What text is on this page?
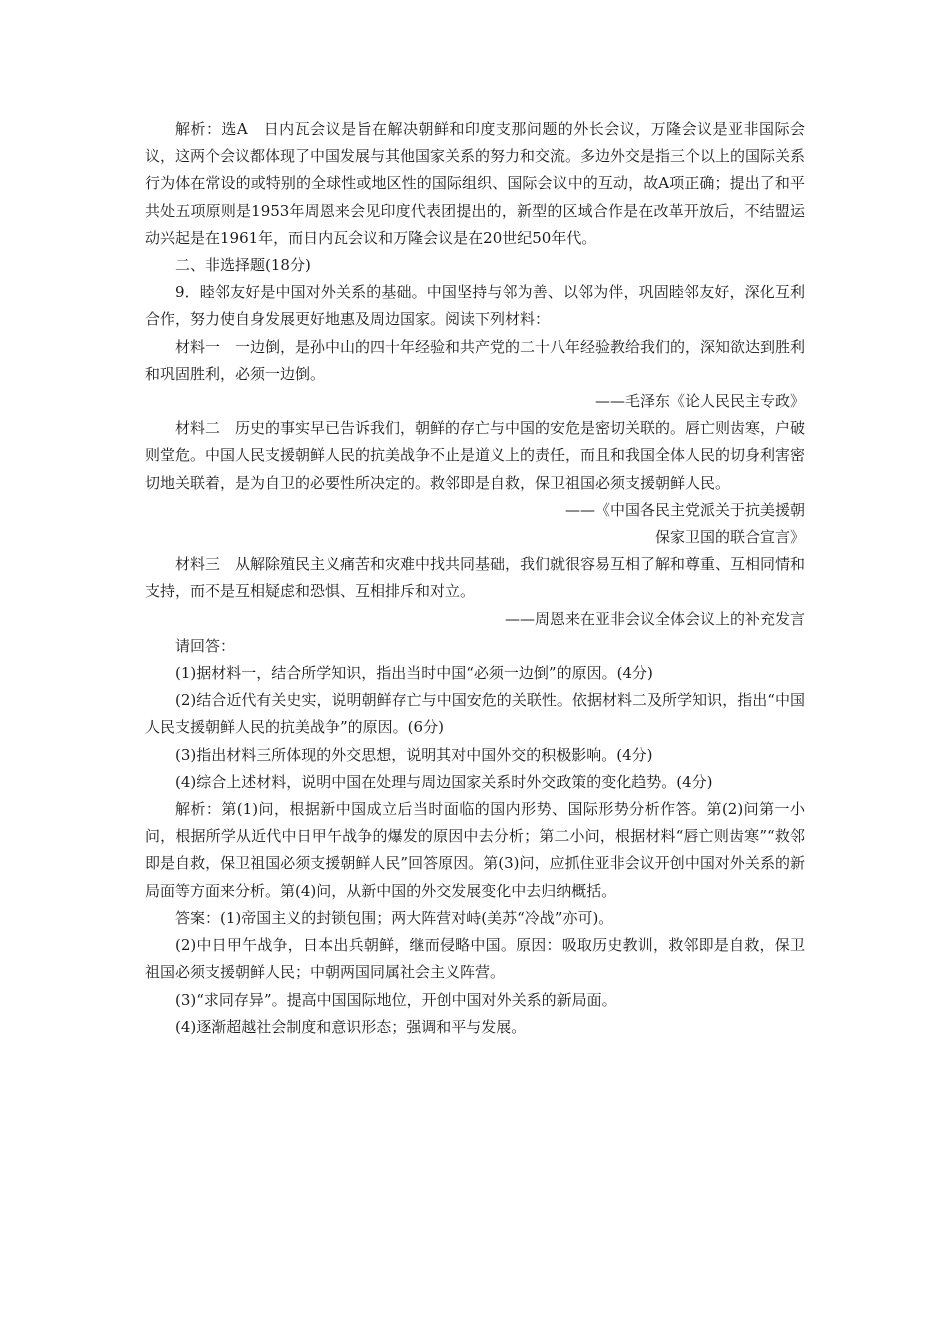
解析：选A　日内瓦会议是旨在解决朝鲜和印度支那问题的外长会议，万隆会议是亚非国际会议，这两个会议都体现了中国发展与其他国家关系的努力和交流。多边外交是指三个以上的国际关系行为体在常设的或特别的全球性或地区性的国际组织、国际会议中的互动，故A项正确；提出了和平共处五项原则是1953年周恩来会见印度代表团提出的，新型的区域合作是在改革开放后，不结盟运动兴起是在1961年，而日内瓦会议和万隆会议是在20世纪50年代。

二、非选择题(18分)

9．睦邻友好是中国对外关系的基础。中国坚持与邻为善、以邻为伴，巩固睦邻友好，深化互利合作，努力使自身发展更好地惠及周边国家。阅读下列材料：

材料一　一边倒，是孙中山的四十年经验和共产党的二十八年经验教给我们的，深知欲达到胜利和巩固胜利，必须一边倒。

——毛泽东《论人民民主专政》

材料二　历史的事实早已告诉我们，朝鲜的存亡与中国的安危是密切关联的。唇亡则齿寒，户破则堂危。中国人民支援朝鲜人民的抗美战争不止是道义上的责任，而且和我国全体人民的切身利害密切地关联着，是为自卫的必要性所决定的。救邻即是自救，保卫祖国必须支援朝鲜人民。

——《中国各民主党派关于抗美援朝

保家卫国的联合宣言》

材料三　从解除殖民主义痛苦和灾难中找共同基础，我们就很容易互相了解和尊重、互相同情和支持，而不是互相疑虑和恐惧、互相排斥和对立。

——周恩来在亚非会议全体会议上的补充发言

请回答：

(1)据材料一，结合所学知识，指出当时中国“必须一边倒”的原因。(4分)

(2)结合近代有关史实，说明朝鲜存亡与中国安危的关联性。依据材料二及所学知识，指出“中国人民支援朝鲜人民的抗美战争”的原因。(6分)

(3)指出材料三所体现的外交思想，说明其对中国外交的积极影响。(4分)

(4)综合上述材料，说明中国在处理与周边国家关系时外交政策的变化趋势。(4分)

解析：第(1)问，根据新中国成立后当时面临的国内形势、国际形势分析作答。第(2)问第一小问，根据所学从近代中日甲午战争的爆发的原因中去分析；第二小问，根据材料“唇亡则齿寒”“救邻即是自救，保卫祖国必须支援朝鲜人民”回答原因。第(3)问，应抓住亚非会议开创中国对外关系的新局面等方面来分析。第(4)问，从新中国的外交发展变化中去归纳概括。

答案：(1)帝国主义的封锁包围；两大阵营对峙(美苏“冷战”亦可)。

(2)中日甲午战争，日本出兵朝鲜，继而侵略中国。原因：吸取历史教训，救邻即是自救，保卫祖国必须支援朝鲜人民；中朝两国同属社会主义阵营。

(3)“求同存异”。提高中国国际地位，开创中国对外关系的新局面。

(4)逐渐超越社会制度和意识形态；强调和平与发展。
